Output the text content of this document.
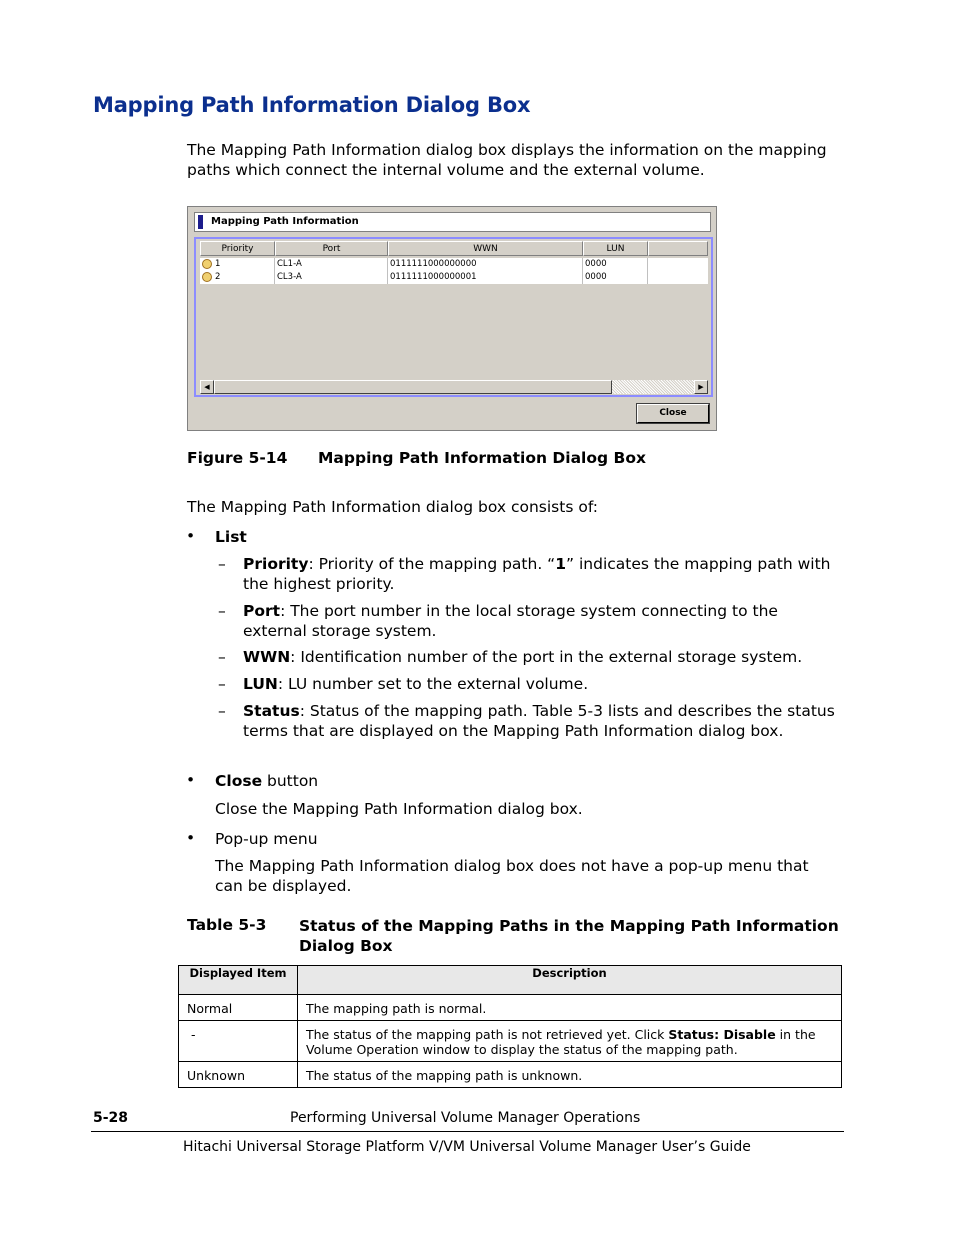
Mapping Path Information Dialog Box
The Mapping Path Information dialog box displays the information on the mapping paths which connect the internal volume and the external volume.
Mapping Path Information
Priority	Port	WWN	LUN
1	CL1-A	0111111000000000	0000
2	CL3-A	0111111000000001	0000
◀	▶
Close
Figure 5-14 Mapping Path Information Dialog Box
The Mapping Path Information dialog box consists of:
• List
– Priority: Priority of the mapping path. “1” indicates the mapping path with the highest priority.
– Port: The port number in the local storage system connecting to the external storage system.
– WWN: Identification number of the port in the external storage system.
– LUN: LU number set to the external volume.
– Status: Status of the mapping path. Table 5-3 lists and describes the status terms that are displayed on the Mapping Path Information dialog box.
• Close button
Close the Mapping Path Information dialog box.
• Pop-up menu
The Mapping Path Information dialog box does not have a pop-up menu that can be displayed.
Table 5-3 Status of the Mapping Paths in the Mapping Path Information Dialog Box
Displayed Item	Description
Normal	The mapping path is normal.
-	The status of the mapping path is not retrieved yet. Click Status: Disable in the Volume Operation window to display the status of the mapping path.
Unknown	The status of the mapping path is unknown.
5-28	Performing Universal Volume Manager Operations
Hitachi Universal Storage Platform V/VM Universal Volume Manager User’s Guide
